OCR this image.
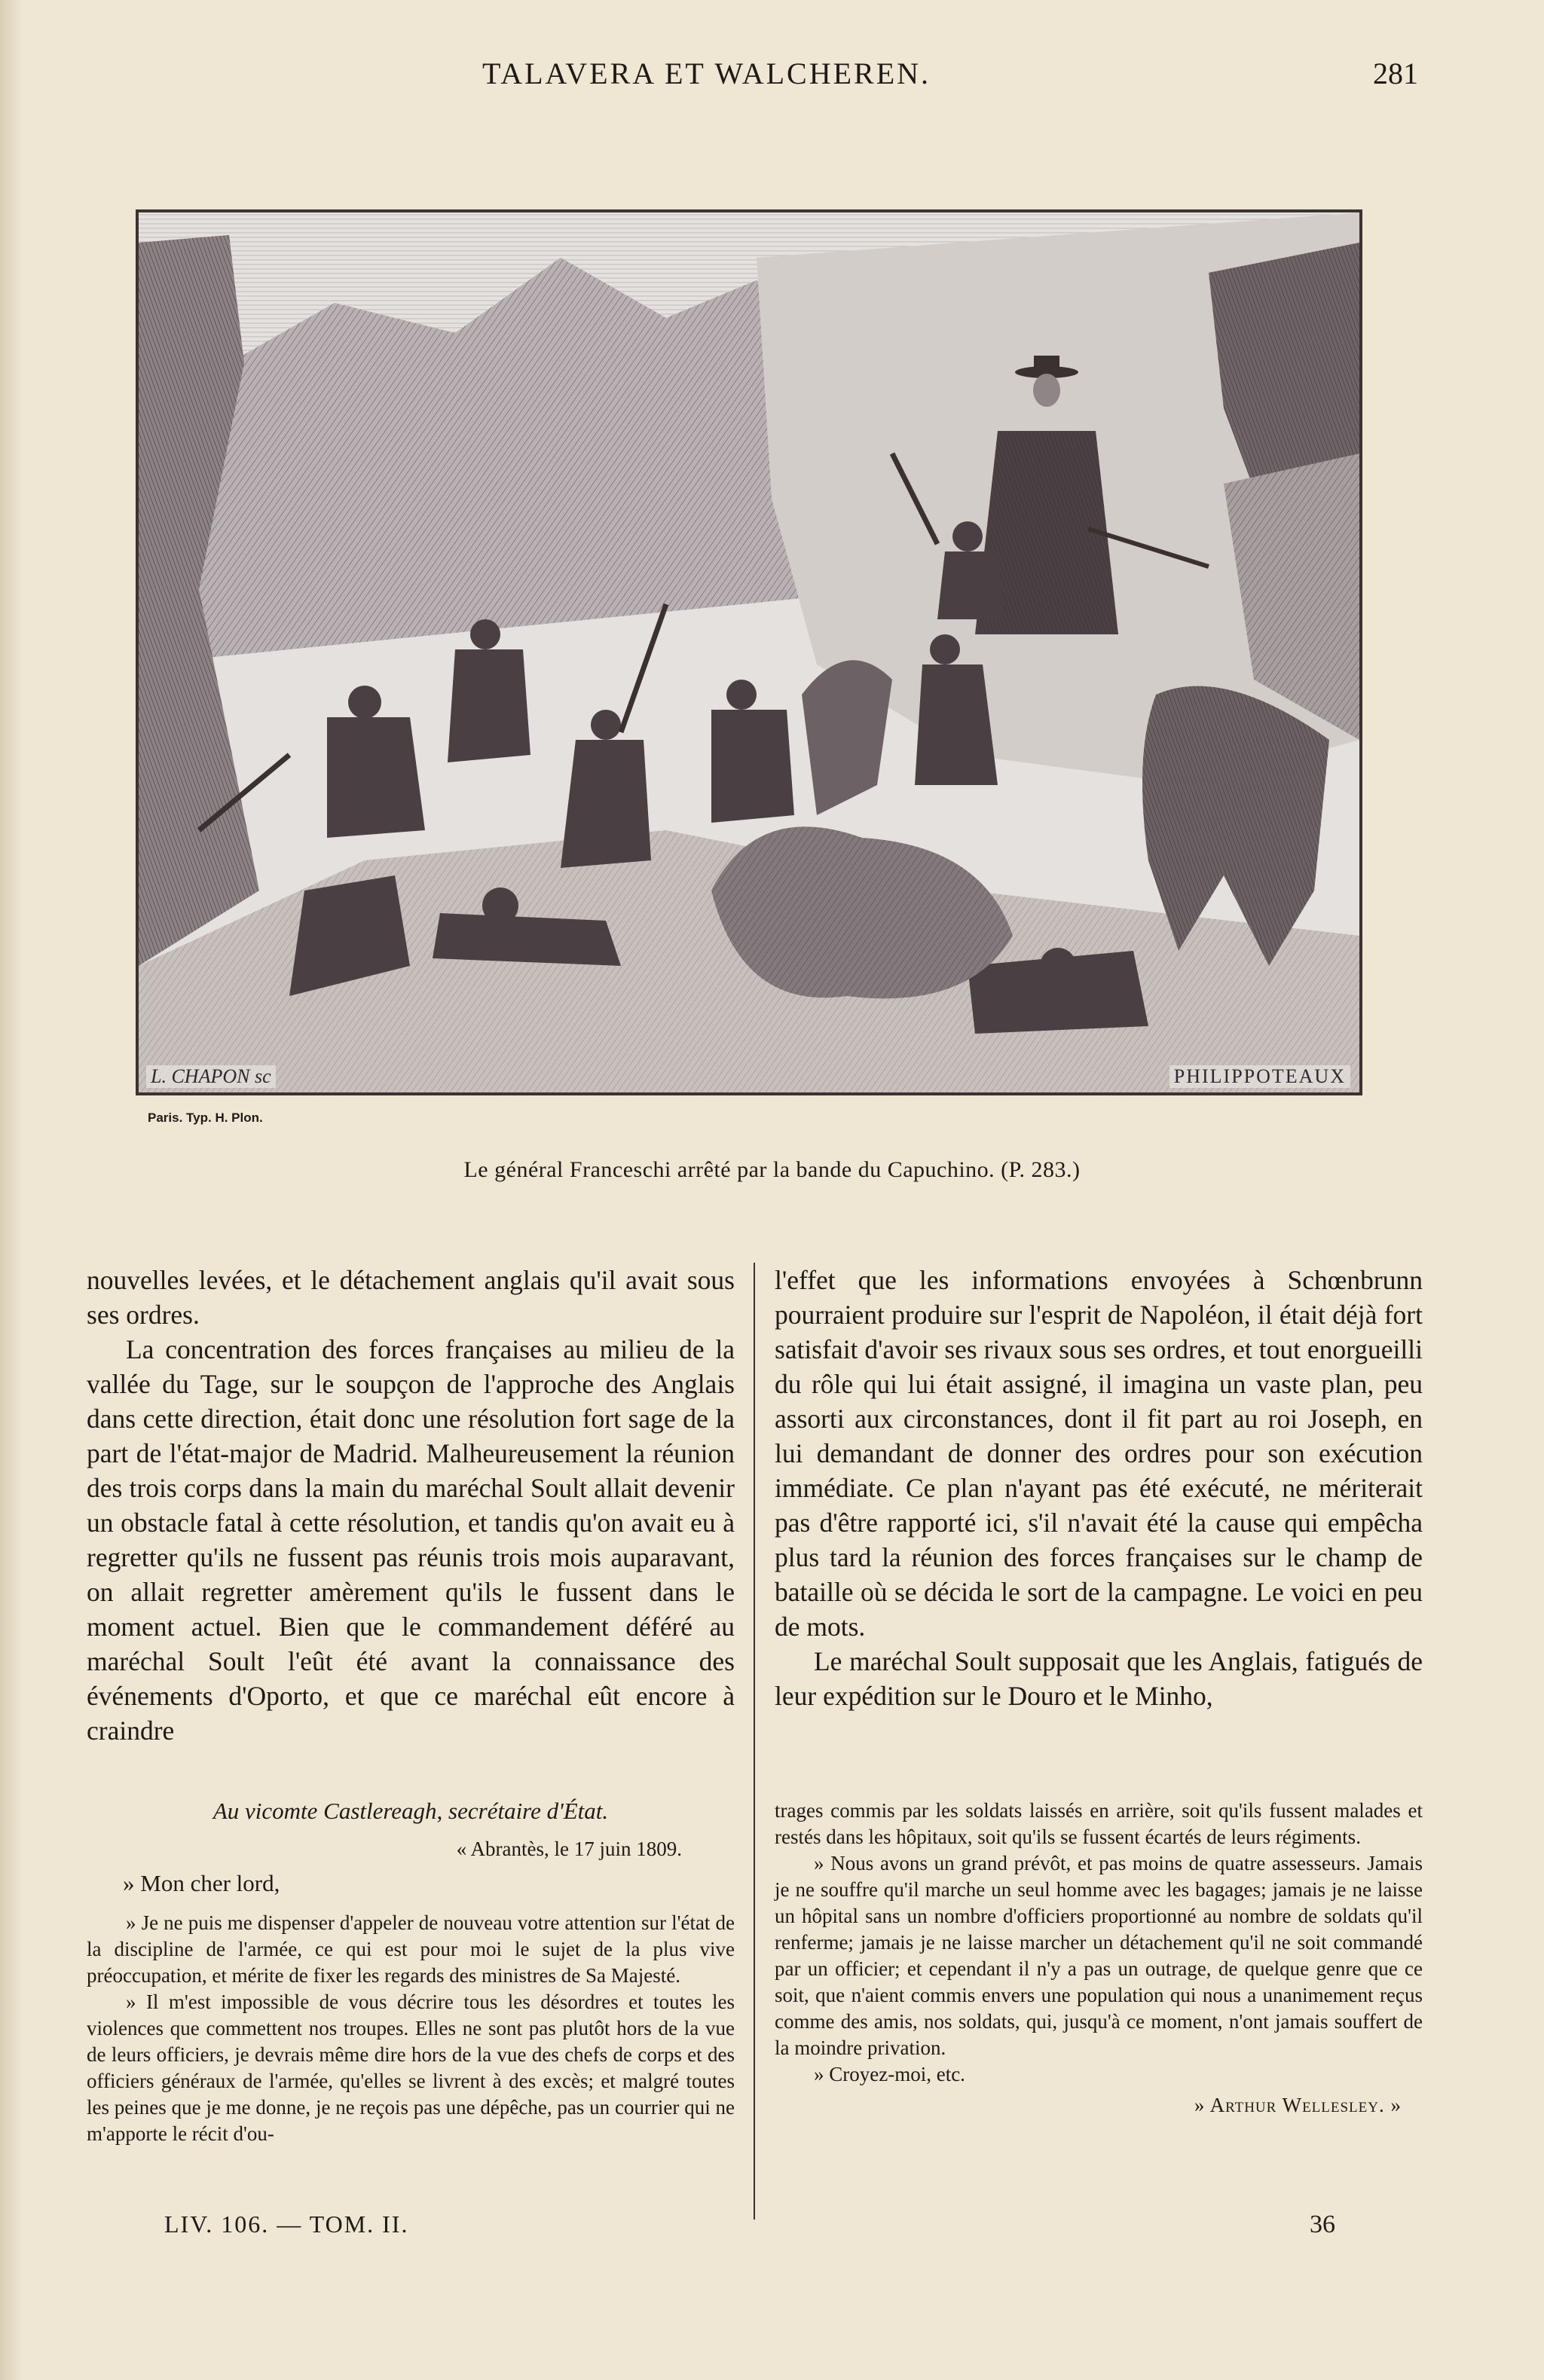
TALAVERA ET WALCHEREN.	281
L. CHAPON sc	PHILIPPOTEAUX
Paris. Typ. H. Plon.
Le général Franceschi arrêté par la bande du Capuchino. (P. 283.)

nouvelles levées, et le détachement anglais qu'il avait sous ses ordres.

La concentration des forces françaises au milieu de la vallée du Tage, sur le soupçon de l'approche des Anglais dans cette direction, était donc une résolution fort sage de la part de l'état-major de Madrid. Malheureusement la réunion des trois corps dans la main du maréchal Soult allait devenir un obstacle fatal à cette résolution, et tandis qu'on avait eu à regretter qu'ils ne fussent pas réunis trois mois auparavant, on allait regretter amèrement qu'ils le fussent dans le moment actuel. Bien que le commandement déféré au maréchal Soult l'eût été avant la connaissance des événements d'Oporto, et que ce maréchal eût encore à craindre

l'effet que les informations envoyées à Schœnbrunn pourraient produire sur l'esprit de Napoléon, il était déjà fort satisfait d'avoir ses rivaux sous ses ordres, et tout enorgueilli du rôle qui lui était assigné, il imagina un vaste plan, peu assorti aux circonstances, dont il fit part au roi Joseph, en lui demandant de donner des ordres pour son exécution immédiate. Ce plan n'ayant pas été exécuté, ne mériterait pas d'être rapporté ici, s'il n'avait été la cause qui empêcha plus tard la réunion des forces françaises sur le champ de bataille où se décida le sort de la campagne. Le voici en peu de mots.

Le maréchal Soult supposait que les Anglais, fatigués de leur expédition sur le Douro et le Minho,

Au vicomte Castlereagh, secrétaire d'État.

« Abrantès, le 17 juin 1809.

» Mon cher lord,

» Je ne puis me dispenser d'appeler de nouveau votre attention sur l'état de la discipline de l'armée, ce qui est pour moi le sujet de la plus vive préoccupation, et mérite de fixer les regards des ministres de Sa Majesté.

» Il m'est impossible de vous décrire tous les désordres et toutes les violences que commettent nos troupes. Elles ne sont pas plutôt hors de la vue de leurs officiers, je devrais même dire hors de la vue des chefs de corps et des officiers généraux de l'armée, qu'elles se livrent à des excès; et malgré toutes les peines que je me donne, je ne reçois pas une dépêche, pas un courrier qui ne m'apporte le récit d'ou-

trages commis par les soldats laissés en arrière, soit qu'ils fussent malades et restés dans les hôpitaux, soit qu'ils se fussent écartés de leurs régiments.

» Nous avons un grand prévôt, et pas moins de quatre assesseurs. Jamais je ne souffre qu'il marche un seul homme avec les bagages; jamais je ne laisse un hôpital sans un nombre d'officiers proportionné au nombre de soldats qu'il renferme; jamais je ne laisse marcher un détachement qu'il ne soit commandé par un officier; et cependant il n'y a pas un outrage, de quelque genre que ce soit, que n'aient commis envers une population qui nous a unanimement reçus comme des amis, nos soldats, qui, jusqu'à ce moment, n'ont jamais souffert de la moindre privation.

» Croyez-moi, etc.

» Arthur Wellesley. »

LIV. 106. — TOM. II.	36
